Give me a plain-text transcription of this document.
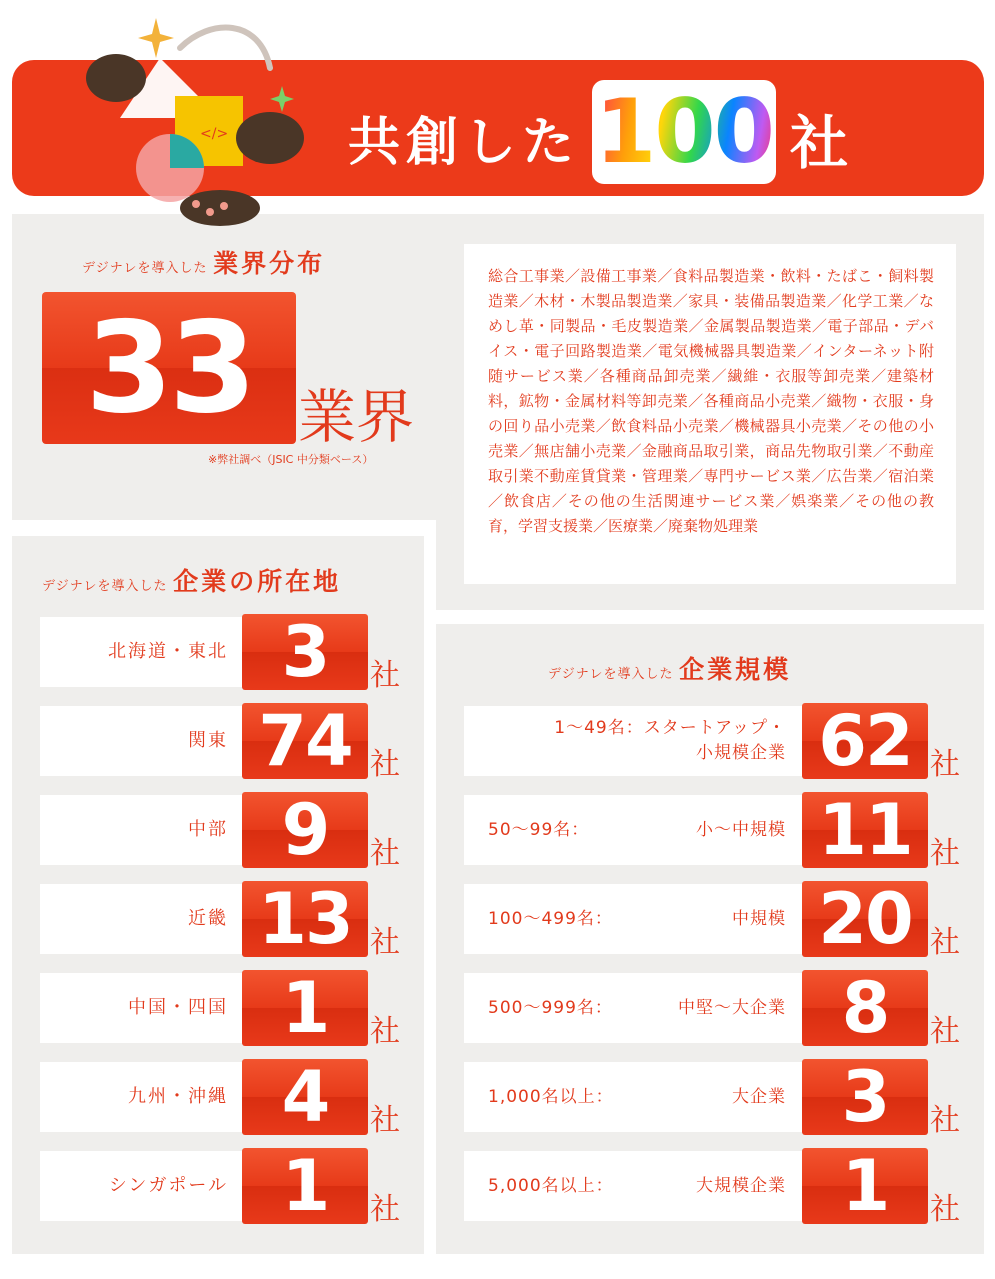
</> 共創した 100 社
デジナレを導入した 業界分布
33 業界
※弊社調べ（JSIC 中分類ベース）
総合工事業／設備工事業／食料品製造業・飲料・たばこ・飼料製造業／木材・木製品製造業／家具・装備品製造業／化学工業／なめし革・同製品・毛皮製造業／金属製品製造業／電子部品・デバイス・電子回路製造業／電気機械器具製造業／インターネット附随サービス業／各種商品卸売業／繊維・衣服等卸売業／建築材料，鉱物・金属材料等卸売業／各種商品小売業／織物・衣服・身の回り品小売業／飲食料品小売業／機械器具小売業／その他の小売業／無店舗小売業／金融商品取引業，商品先物取引業／不動産取引業不動産賃貸業・管理業／専門サービス業／広告業／宿泊業／飲食店／その他の生活関連サービス業／娯楽業／その他の教育，学習支援業／医療業／廃棄物処理業
デジナレを導入した 企業の所在地
北海道・東北 3	社
関東 74 社
中部 9	社
近畿 13 社
中国・四国 1	社
九州・沖縄 4	社
シンガポール 1	社
デジナレを導入した 企業規模
1〜49名：スタートアップ・
小規模企業 62 社
50〜99名：	小〜中規模 11 社
100〜499名：	中規模 20 社
500〜999名：	中堅〜大企業 8	社
1,000名以上：	大企業 3	社
5,000名以上：	大規模企業 1	社
